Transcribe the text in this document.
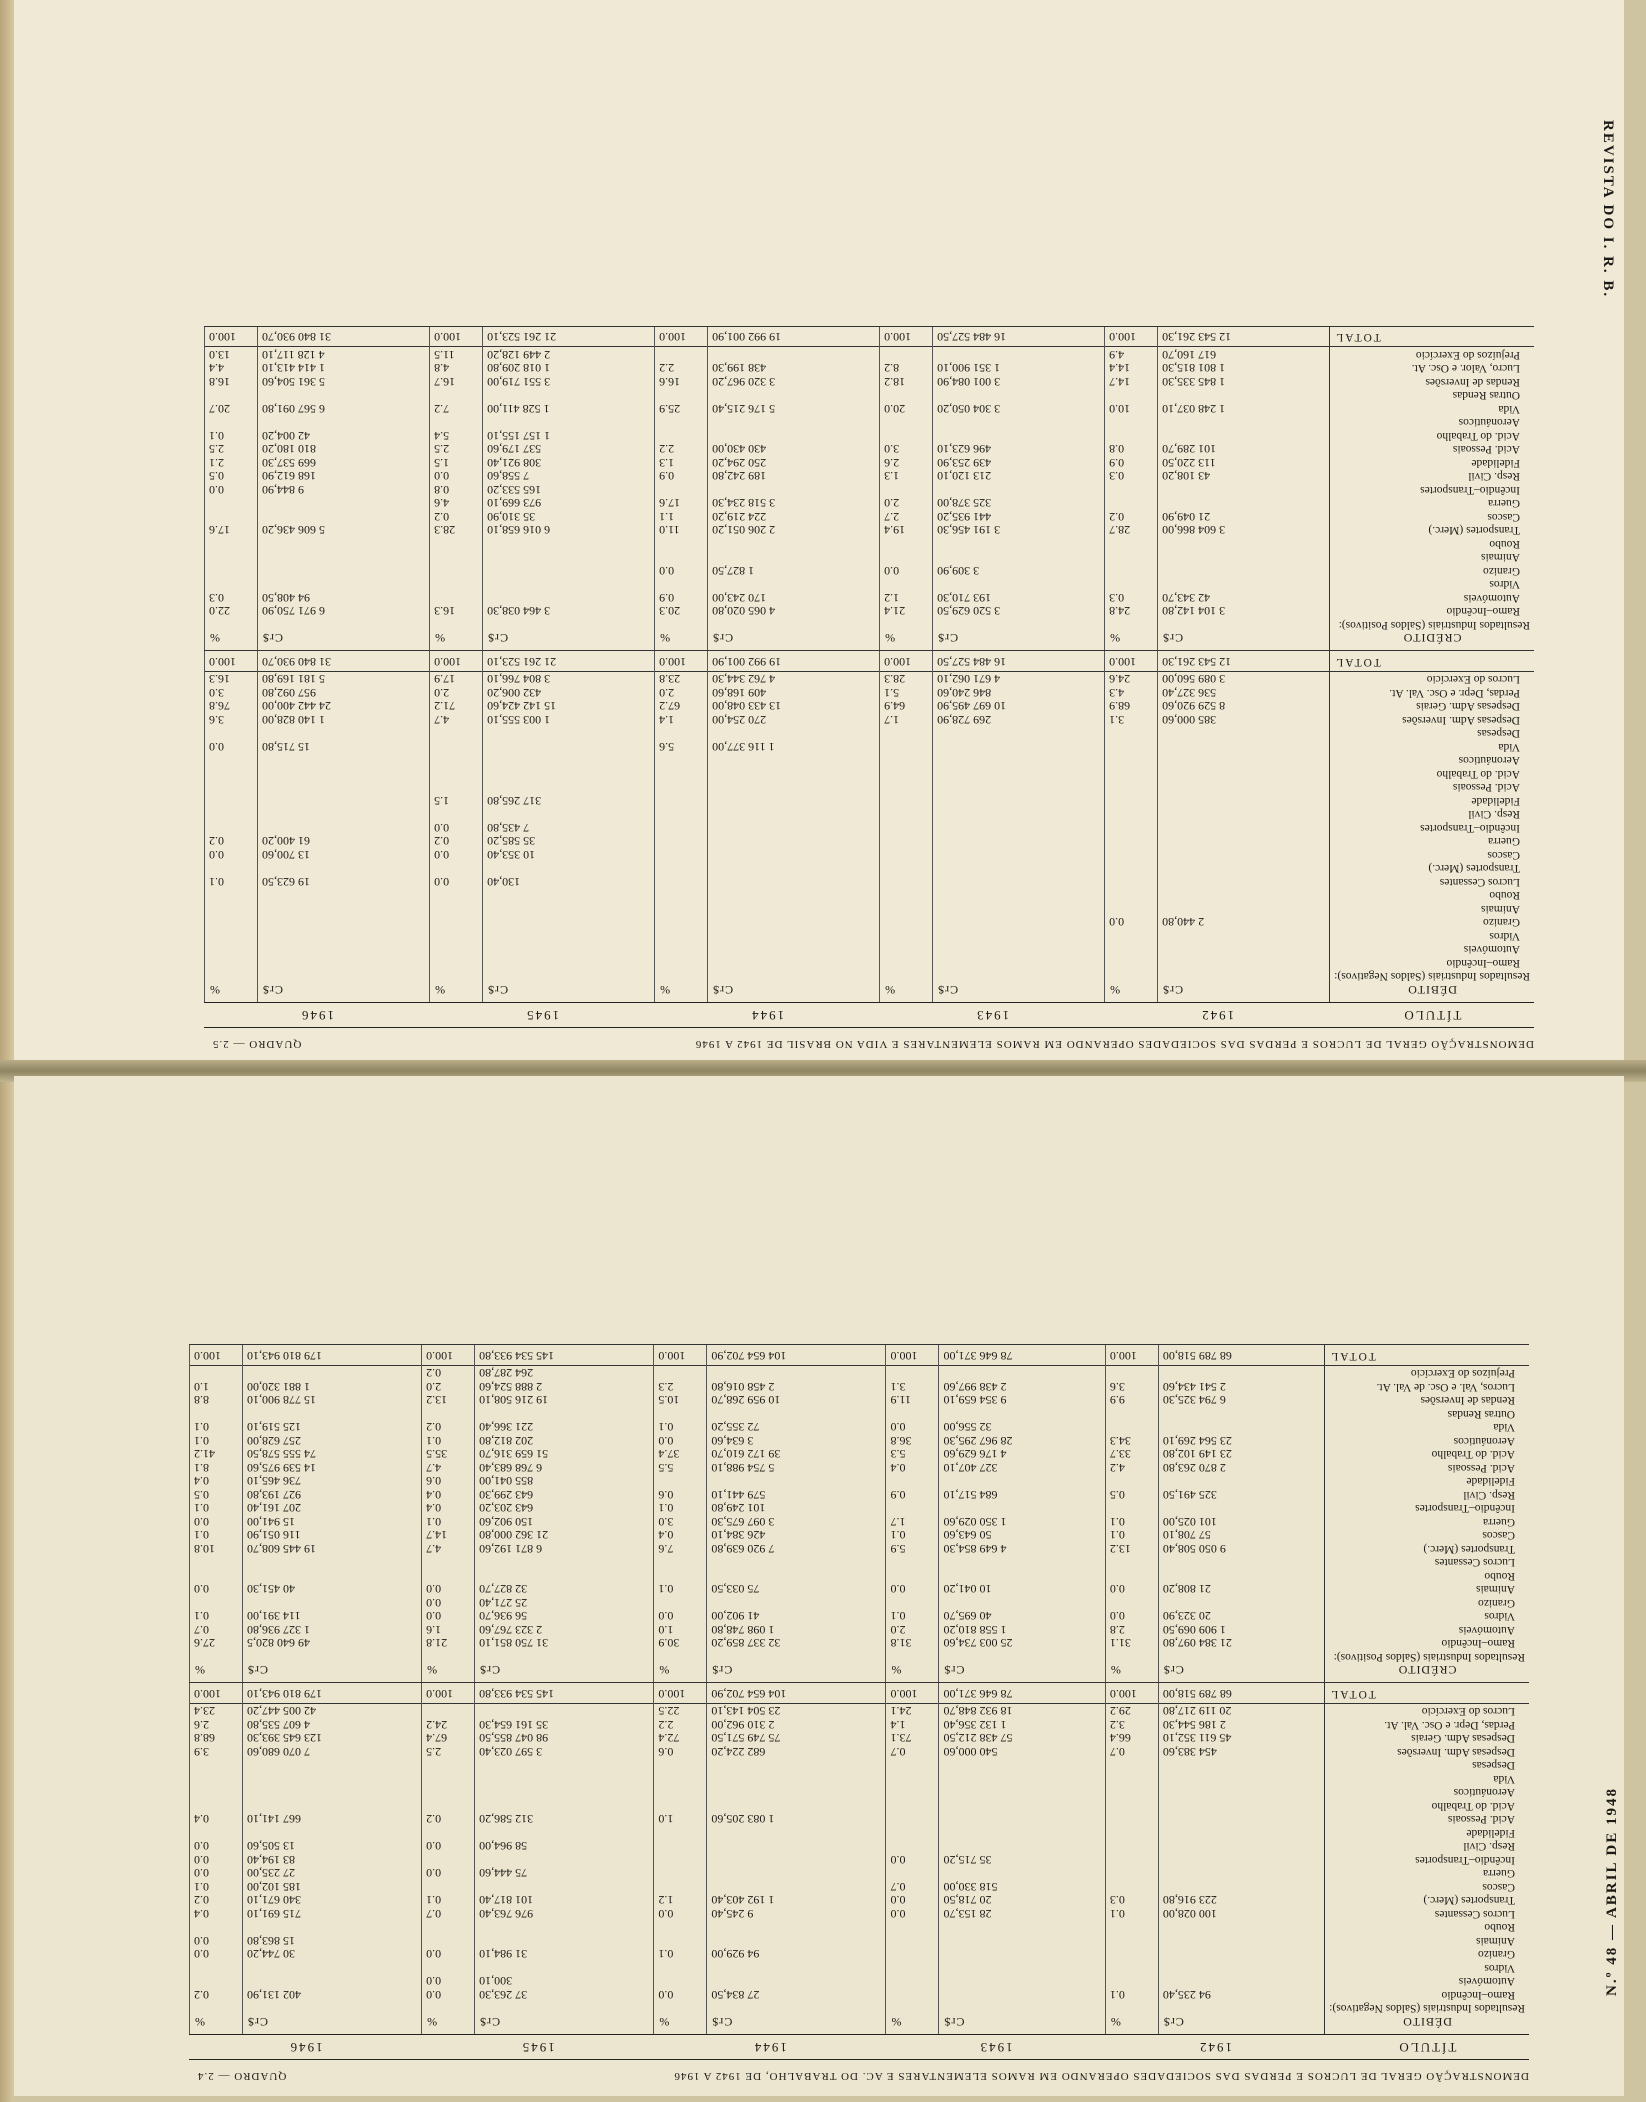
REVISTA DO I. R. B.
DEMONSTRAÇÃO GERAL DE LUCROS E PERDAS DAS SOCIEDADES OPERANDO EM RAMOS ELEMENTARES E VIDA NO BRASIL DE 1942 A 1946
QUADRO — 2.5
TÍTULO	1942		1943		1944		1945		1946	
DÉBITO	Cr$	%	Cr$	%	Cr$	%	Cr$	%	Cr$	%
Resultados Industriais (Saldos Negativos):										
Ramo–Incêndio										
Automóveis										
Vidros										
Granizo	2 440,80	0.0								
Animais										
Roubo										
Lucros Cessantes							130,40	0.0	19 623,50	0.1
Transportes (Merc.)										
Cascos							10 353,40	0.0	13 700,60	0.0
Guerra							35 585,20	0.2	61 400,20	0.2
Incêndio–Transportes							7 435,80	0.0		
Resp. Civil										
Fidelidade							317 265,80	1.5		
Acid. Pessoais										
Acid. do Trabalho										
Aeronáuticos										
Vida					1 116 377,00	5.6			15 715,80	0.0
Despesas										
Despesas Adm. Inversões	385 000,60	3.1	269 728,90	1.7	270 254,00	1.4	1 003 555,10	4.7	1 140 828,00	3.6
Despesas Adm. Gerais	8 529 920,60	68.9	10 697 495,90	64.9	13 433 048,00	67.2	15 142 424,60	71.2	24 442 400,00	76.8
Perdas, Depr. e Osc. Val. At.	536 327,40	4.3	846 240,60	5.1	409 168,60	2.0	432 006,20	2.0	957 092,80	3.0
Lucros do Exercício	3 089 560,00	24.6	4 671 062,10	28.3	4 762 344,30	23.8	3 804 766,10	17.9	5 181 169,80	16.3
TOTAL	12 543 261,30	100.0	16 484 527,50	100.0	19 992 001,90	100.0	21 261 523,10	100.0	31 840 930,70	100.0
CRÉDITO	Cr$	%	Cr$	%	Cr$	%	Cr$	%	Cr$	%
Resultados Industriais (Saldos Positivos):										
Ramo–Incêndio	3 104 142,80	24.8	3 520 629,50	21.4	4 065 020,80	20.3	3 464 038,30	16.3	6 971 750,90	22.0
Automóveis	42 343,70	0.3	193 710,30	1.2	170 243,00	0.9			94 408,50	0.3
Vidros										
Granizo			3 309,90	0.0	1 827,50	0.0				
Animais										
Roubo										
Transportes (Merc.)	3 604 866,00	28.7	3 191 456,30	19.4	2 206 051,20	11.0	6 016 658,10	28.3	5 606 436,20	17.6
Cascos	21 049,90	0.2	441 935,20	2.7	224 219,20	1.1	35 310,90	0.2		
Guerra			325 378,00	2.0	3 518 234,30	17.6	973 669,10	4.6		
Incêndio–Transportes							165 533,20	0.8	9 844,90	0.0
Resp. Civil	43 108,20	0.3	213 120,10	1.3	189 242,80	0.9	7 558,60	0.0	168 612,90	0.5
Fidelidade	113 220,50	0.9	439 253,90	2.6	250 294,20	1.3	308 921,40	1.5	669 537,30	2.1
Acid. Pessoais	101 289,70	0.8	496 623,10	3.0	430 430,00	2.2	537 179,60	2.5	810 180,20	2.5
Acid. do Trabalho							1 157 155,10	5.4	42 004,20	0.1
Aeronáuticos										
Vida	1 248 037,10	10.0	3 304 050,20	20.0	5 176 215,40	25.9	1 528 411,00	7.2	6 567 091,80	20.7
Outras Rendas										
Rendas de Inversões	1 845 335,30	14.7	3 001 084,90	18.2	3 320 967,20	16.6	3 551 719,00	16.7	5 361 504,60	16.8
Lucro, Valor. e Osc. At.	1 801 815,30	14.4	1 351 900,10	8.2	438 199,30	2.2	1 018 209,80	4.8	1 414 413,10	4.4
Prejuízos do Exercício	617 160,70	4.9					2 449 128,20	11.5	4 128 117,10	13.0
TOTAL	12 543 261,30	100.0	16 484 527,50	100.0	19 992 001,90	100.0	21 261 523,10	100.0	31 840 930,70	100.0
N.º 48 — ABRIL DE 1948
DEMONSTRAÇÃO GERAL DE LUCROS E PERDAS DAS SOCIEDADES OPERANDO EM RAMOS ELEMENTARES E AC. DO TRABALHO, DE 1942 A 1946
QUADRO — 2.4
TÍTULO	1942		1943		1944		1945		1946	
DÉBITO	Cr$	%	Cr$	%	Cr$	%	Cr$	%	Cr$	%
Resultados Industriais (Saldos Negativos):										
Ramo–Incêndio	94 235,40	0.1			27 834,50	0.0	37 263,30	0.0	402 131,90	0.2
Automóveis							300,10	0.0		
Vidros										
Granizo					94 929,00	0.1	31 984,10	0.0	30 744,20	0.0
Animais									15 863,80	0.0
Roubo										
Lucros Cessantes	100 028,00	0.1	28 153,70	0.0	9 245,40	0.0	976 763,40	0.7	715 691,10	0.4
Transportes (Merc.)	223 916,80	0.3	20 718,50	0.0	1 192 403,40	1.2	101 817,40	0.1	340 671,10	0.2
Cascos			518 330,00	0.7					185 102,00	0.1
Guerra							75 444,60	0.0	27 235,00	0.0
Incêndio–Transportes			35 715,20	0.0					83 194,40	0.0
Resp. Civil							58 964,00	0.0	13 505,60	0.0
Fidelidade										
Acid. Pessoais					1 083 205,60	1.0	312 586,20	0.2	667 141,10	0.4
Acid. do Trabalho										
Aeronáuticos										
Vida										
Despesas										
Despesas Adm. Inversões	454 383,60	0.7	540 000,60	0.7	682 224,20	0.6	3 597 023,40	2.5	7 070 680,60	3.9
Despesas Adm. Gerais	45 611 352,10	66.4	57 438 212,50	73.1	75 749 571,50	72.4	98 047 855,50	67.4	123 645 393,30	68.8
Perdas, Depr. e Osc. Val. At.	2 186 544,30	3.2	1 132 356,40	1.4	2 310 962,00	2.2	35 161 654,30	24.2	4 607 535,80	2.6
Lucros do Exercício	20 119 217,80	29.2	18 932 848,70	24.1	23 504 143,10	22.5			42 005 447,20	23.4
TOTAL	68 789 518,00	100.0	78 646 371,00	100.0	104 654 702,90	100.0	145 534 933,80	100.0	179 810 943,10	100.0
CRÉDITO	Cr$	%	Cr$	%	Cr$	%	Cr$	%	Cr$	%
Resultados Industriais (Saldos Positivos):										
Ramo–Incêndio	21 384 097,80	31.1	25 003 734,60	31.8	32 337 859,20	30.9	31 750 851,10	21.8	49 640 820,5	27.6
Automóveis	1 909 069,50	2.8	1 558 810,20	2.0	1 098 748,80	1.0	2 323 767,60	1.6	1 327 936,80	0.7
Vidros	20 323,90	0.0	40 695,70	0.1	41 902,00	0.0	56 936,70	0.0	114 391,00	0.1
Granizo							25 271,40	0.0		
Animais	21 808,20	0.0	10 041,20	0.0	75 033,50	0.1	32 827,70	0.0	40 451,30	0.0
Roubo										
Lucros Cessantes										
Transportes (Merc.)	9 050 508,40	13.2	4 649 854,30	5.9	7 920 639,80	7.6	6 871 192,60	4.7	19 445 608,70	10.8
Cascos	57 708,10	0.1	50 643,60	0.1	426 384,10	0.4	21 362 000,80	14.7	116 051,90	0.1
Guerra	101 025,00	0.1	1 350 029,60	1.7	3 097 675,30	3.0	150 902,60	0.1	15 941,00	0.0
Incêndio–Transportes					101 249,80	0.1	643 203,20	0.4	207 161,40	0.1
Resp. Civil	325 491,50	0.5	684 517,10	0.9	579 441,10	0.6	643 299,30	0.4	927 193,80	0.5
Fidelidade							855 041,00	0.6	736 465,10	0.4
Acid. Pessoais	2 870 263,80	4.2	327 407,10	0.4	5 754 988,10	5.5	6 768 683,40	4.7	14 539 975,60	8.1
Acid. do Trabalho	23 149 102,80	33.7	4 176 629,60	5.3	39 172 610,70	37.4	51 659 316,70	35.5	74 555 578,50	41.2
Aeronáuticos	23 564 269,10	34.3	28 967 295,30	36.8	3 634,60	0.0	202 812,80	0.1	257 628,00	0.1
Vida			32 556,00	0.0	72 355,20	0.1	221 366,40	0.2	125 519,10	0.1
Outras Rendas										
Rendas de Inversões	6 794 325,30	9.9	9 354 659,10	11.9	10 959 268,70	10.5	19 216 508,10	13.2	15 778 900,10	8.8
Lucros, Val. e Osc. de Val. At.	2 541 434,60	3.6	2 438 997,60	3.1	2 458 016,80	2.3	2 888 524,60	2.0	1 881 320,00	1.0
Prejuízos do Exercício							264 287,80	0.2		
TOTAL	68 789 518,00	100.0	78 646 371,00	100.0	104 654 702,90	100.0	145 534 933,80	100.0	179 810 943,10	100.0
